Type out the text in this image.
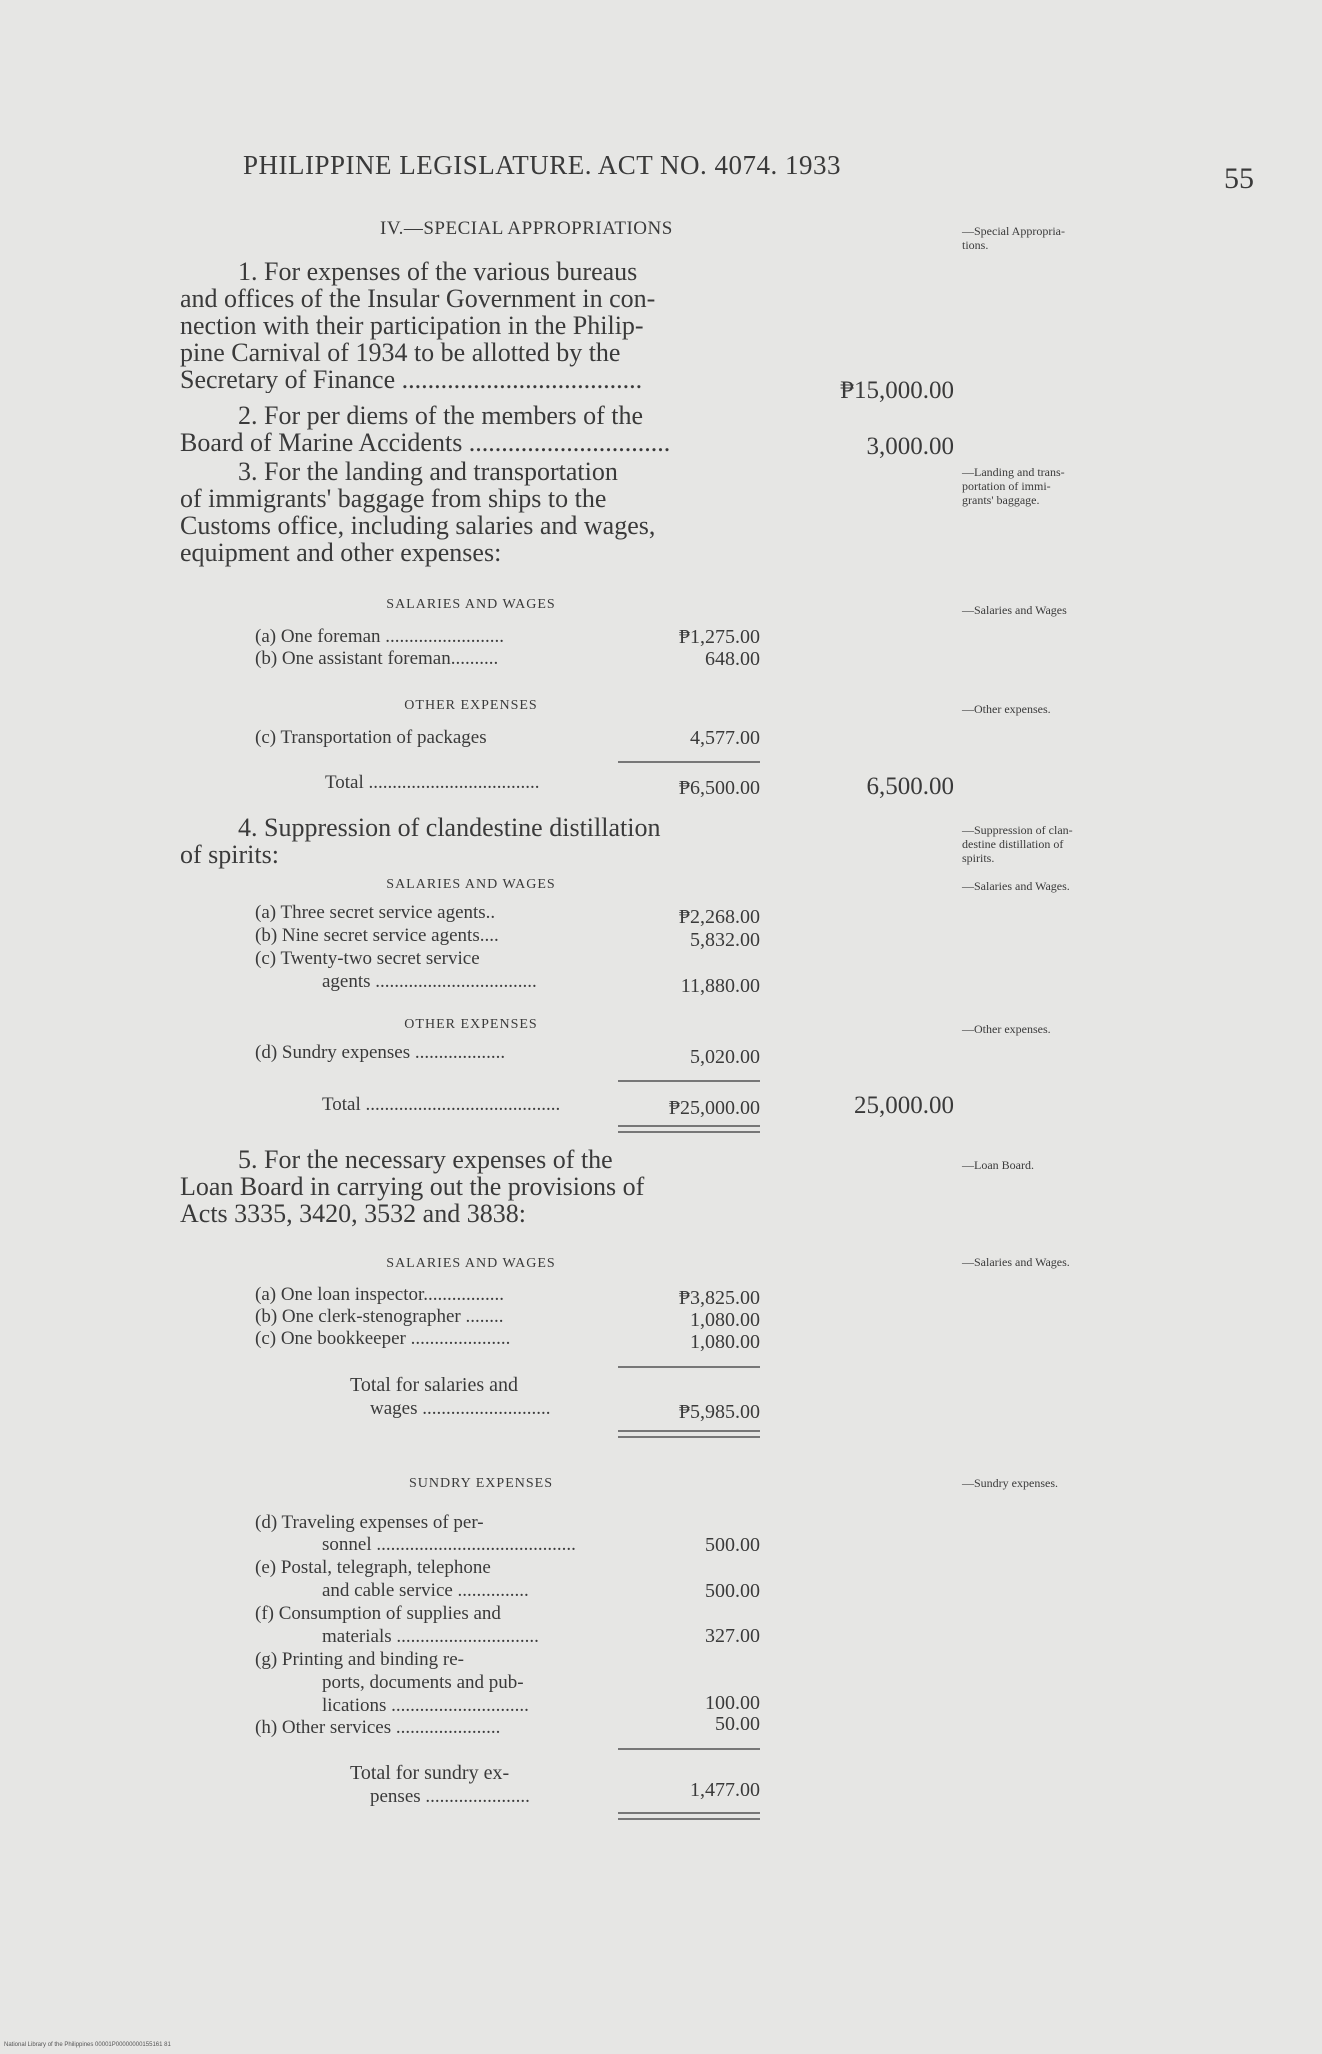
PHILIPPINE LEGISLATURE. ACT NO. 4074. 1933	55
IV.—SPECIAL APPROPRIATIONS
1. For expenses of the various bureaus
and offices of the Insular Government in con-
nection with their participation in the Philip-
pine Carnival of 1934 to be allotted by the
Secretary of Finance .....................................	₱15,000.00
2. For per diems of the members of the
Board of Marine Accidents ...............................	3,000.00
3. For the landing and transportation
of immigrants' baggage from ships to the
Customs office, including salaries and wages,
equipment and other expenses:
SALARIES AND WAGES
(a) One foreman .........................	₱1,275.00
(b) One assistant foreman..........	648.00
OTHER EXPENSES
(c) Transportation of packages	4,577.00
Total ....................................	₱6,500.00	6,500.00
4. Suppression of clandestine distillation
of spirits:
SALARIES AND WAGES
(a) Three secret service agents..	₱2,268.00
(b) Nine secret service agents....	5,832.00
(c) Twenty-two secret service
agents ..................................	11,880.00
OTHER EXPENSES
(d) Sundry expenses ...................	5,020.00
Total .........................................	₱25,000.00	25,000.00
5. For the necessary expenses of the
Loan Board in carrying out the provisions of
Acts 3335, 3420, 3532 and 3838:
SALARIES AND WAGES
(a) One loan inspector.................	₱3,825.00
(b) One clerk-stenographer ........	1,080.00
(c) One bookkeeper .....................	1,080.00
Total for salaries and
wages ...........................	₱5,985.00
SUNDRY EXPENSES
(d) Traveling expenses of per-
sonnel ..........................................	500.00
(e) Postal, telegraph, telephone
and cable service ...............	500.00
(f) Consumption of supplies and
materials ..............................	327.00
(g) Printing and binding re-
ports, documents and pub-
lications .............................	100.00
(h) Other services ......................	50.00
Total for sundry ex-
penses ......................	1,477.00
—Special Appropria-
tions.
—Landing and trans-
portation of immi-
grants' baggage.
—Salaries and Wages
—Other expenses.
—Suppression of clan-
destine distillation of
spirits.
—Salaries and Wages.
—Other expenses.
—Loan Board.
—Salaries and Wages.
—Sundry expenses.
National Library of the Philippines 00001P00000000155161 81
